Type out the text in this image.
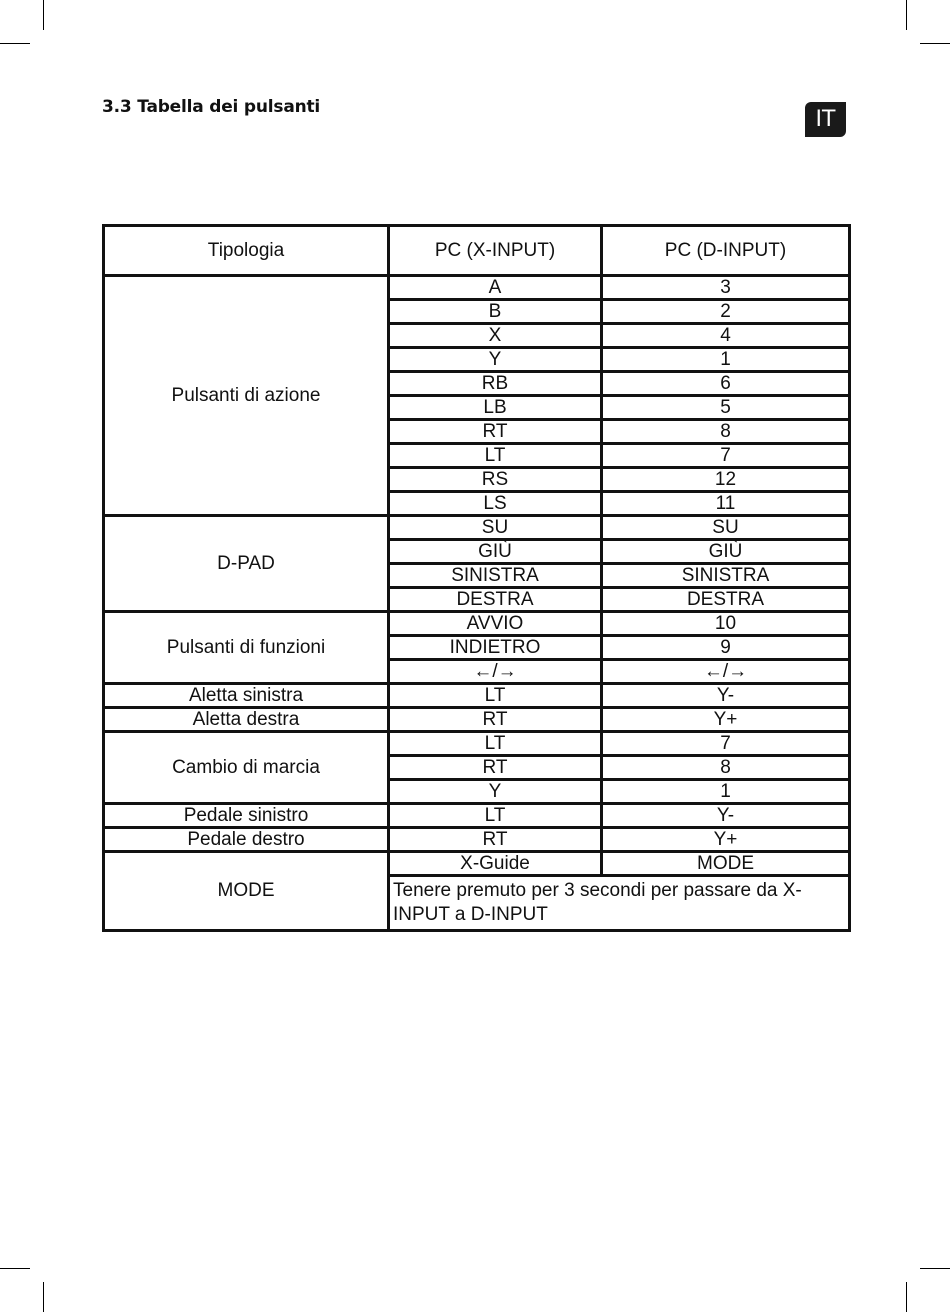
3.3 Tabella dei pulsanti	IT
Tipologia	PC (X-INPUT)	PC (D-INPUT)
Pulsanti di azione	A	3
	B	2
	X	4
	Y	1
	RB	6
	LB	5
	RT	8
	LT	7
	RS	12
	LS	11
D-PAD	SU	SU
	GIÙ	GIÙ
	SINISTRA	SINISTRA
	DESTRA	DESTRA
Pulsanti di funzioni	AVVIO	10
	INDIETRO	9
	←/→	←/→
Aletta sinistra	LT	Y-
Aletta destra	RT	Y+
Cambio di marcia	LT	7
	RT	8
	Y	1
Pedale sinistro	LT	Y-
Pedale destro	RT	Y+
MODE	X-Guide	MODE
	Tenere premuto per 3 secondi per passare da X-INPUT a D-INPUT	
